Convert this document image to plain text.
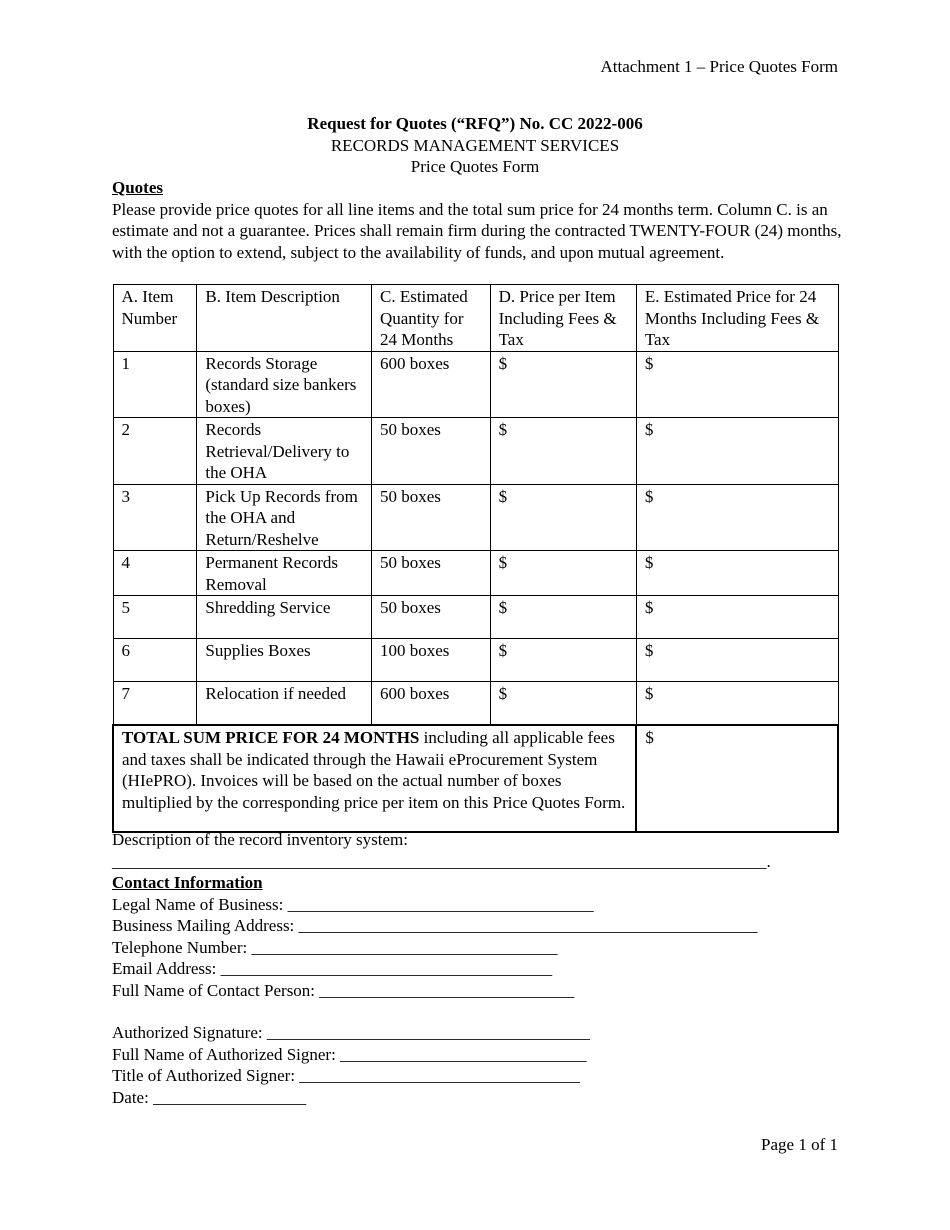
Attachment 1 – Price Quotes Form
Request for Quotes (“RFQ”) No. CC 2022-006
RECORDS MANAGEMENT SERVICES
Price Quotes Form
Quotes
Please provide price quotes for all line items and the total sum price for 24 months term. Column C. is an estimate and not a guarantee. Prices shall remain firm during the contracted TWENTY-FOUR (24) months, with the option to extend, subject to the availability of funds, and upon mutual agreement.
A. Item Number	B. Item Description	C. Estimated Quantity for 24 Months	D. Price per Item Including Fees & Tax	E. Estimated Price for 24 Months Including Fees & Tax
1	Records Storage (standard size bankers boxes)	600 boxes	$	$
2	Records Retrieval/Delivery to the OHA	50 boxes	$	$
3	Pick Up Records from the OHA and Return/Reshelve	50 boxes	$	$
4	Permanent Records Removal	50 boxes	$	$
5	Shredding Service	50 boxes	$	$
6	Supplies Boxes	100 boxes	$	$
7	Relocation if needed	600 boxes	$	$
TOTAL SUM PRICE FOR 24 MONTHS including all applicable fees and taxes shall be indicated through the Hawaii eProcurement System (HIePRO). Invoices will be based on the actual number of boxes multiplied by the corresponding price per item on this Price Quotes Form.				$
Description of the record inventory system:
_____________________________________________________________________________.
Contact Information
Legal Name of Business: ____________________________________
Business Mailing Address: ______________________________________________________
Telephone Number: ____________________________________
Email Address: _______________________________________
Full Name of Contact Person: ______________________________
Authorized Signature: ______________________________________
Full Name of Authorized Signer: _____________________________
Title of Authorized Signer: _________________________________
Date: __________________
Page 1 of 1
